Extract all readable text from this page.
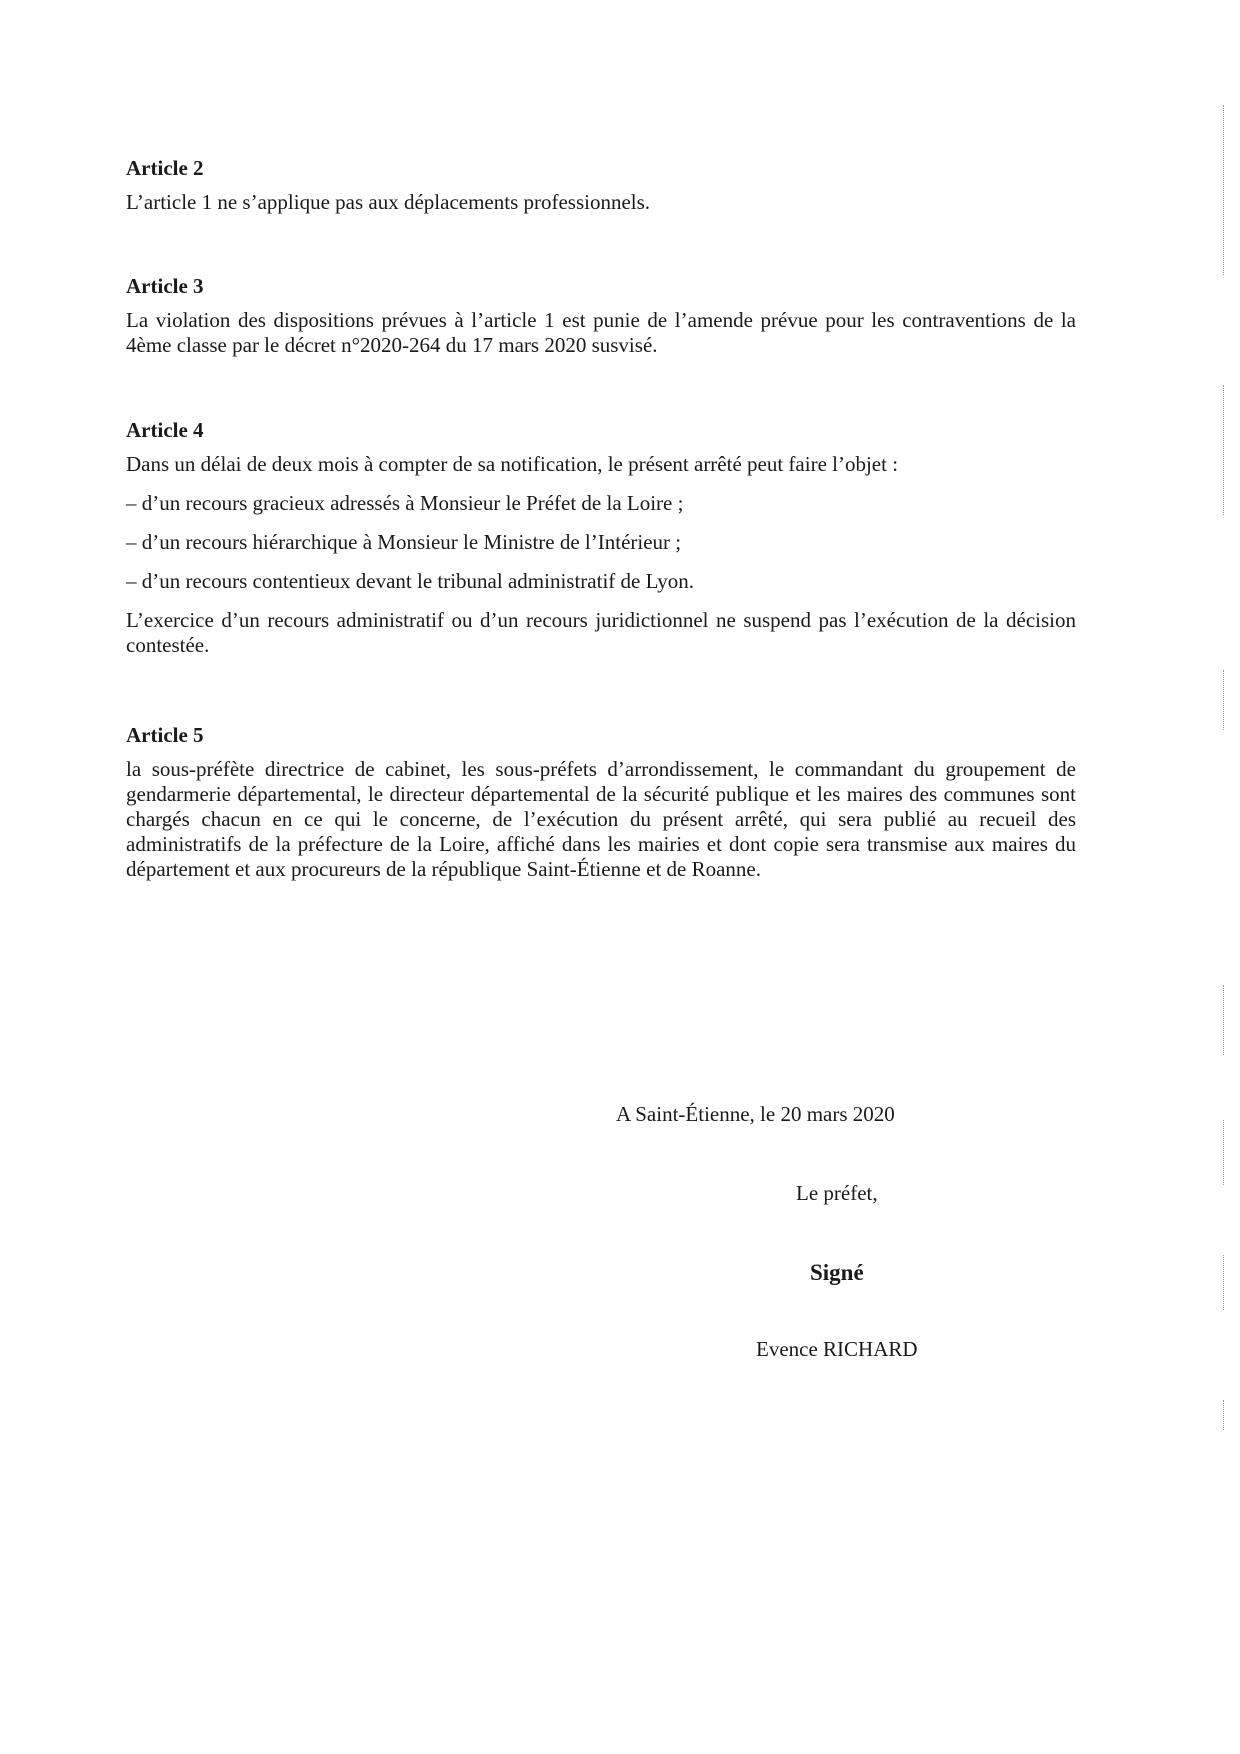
Article 2

L’article 1 ne s’applique pas aux déplacements professionnels.

Article 3

La violation des dispositions prévues à l’article 1 est punie de l’amende prévue pour les contraventions de la 4ème classe par le décret n°2020-264 du 17 mars 2020 susvisé.

Article 4

Dans un délai de deux mois à compter de sa notification, le présent arrêté peut faire l’objet :

– d’un recours gracieux adressés à Monsieur le Préfet de la Loire ;

– d’un recours hiérarchique à Monsieur le Ministre de l’Intérieur ;

– d’un recours contentieux devant le tribunal administratif de Lyon.

L’exercice d’un recours administratif ou d’un recours juridictionnel ne suspend pas l’exécution de la décision contestée.

Article 5

la sous-préfète directrice de cabinet, les sous-préfets d’arrondissement, le commandant du groupement de gendarmerie départemental, le directeur départemental de la sécurité publique et les maires des communes sont chargés chacun en ce qui le concerne, de l’exécution du présent arrêté, qui sera publié au recueil des administratifs de la préfecture de la Loire, affiché dans les mairies et dont copie sera transmise aux maires du département et aux procureurs de la république Saint-Étienne et de Roanne.

A Saint-Étienne, le 20 mars 2020
Le préfet,
Signé
Evence RICHARD
